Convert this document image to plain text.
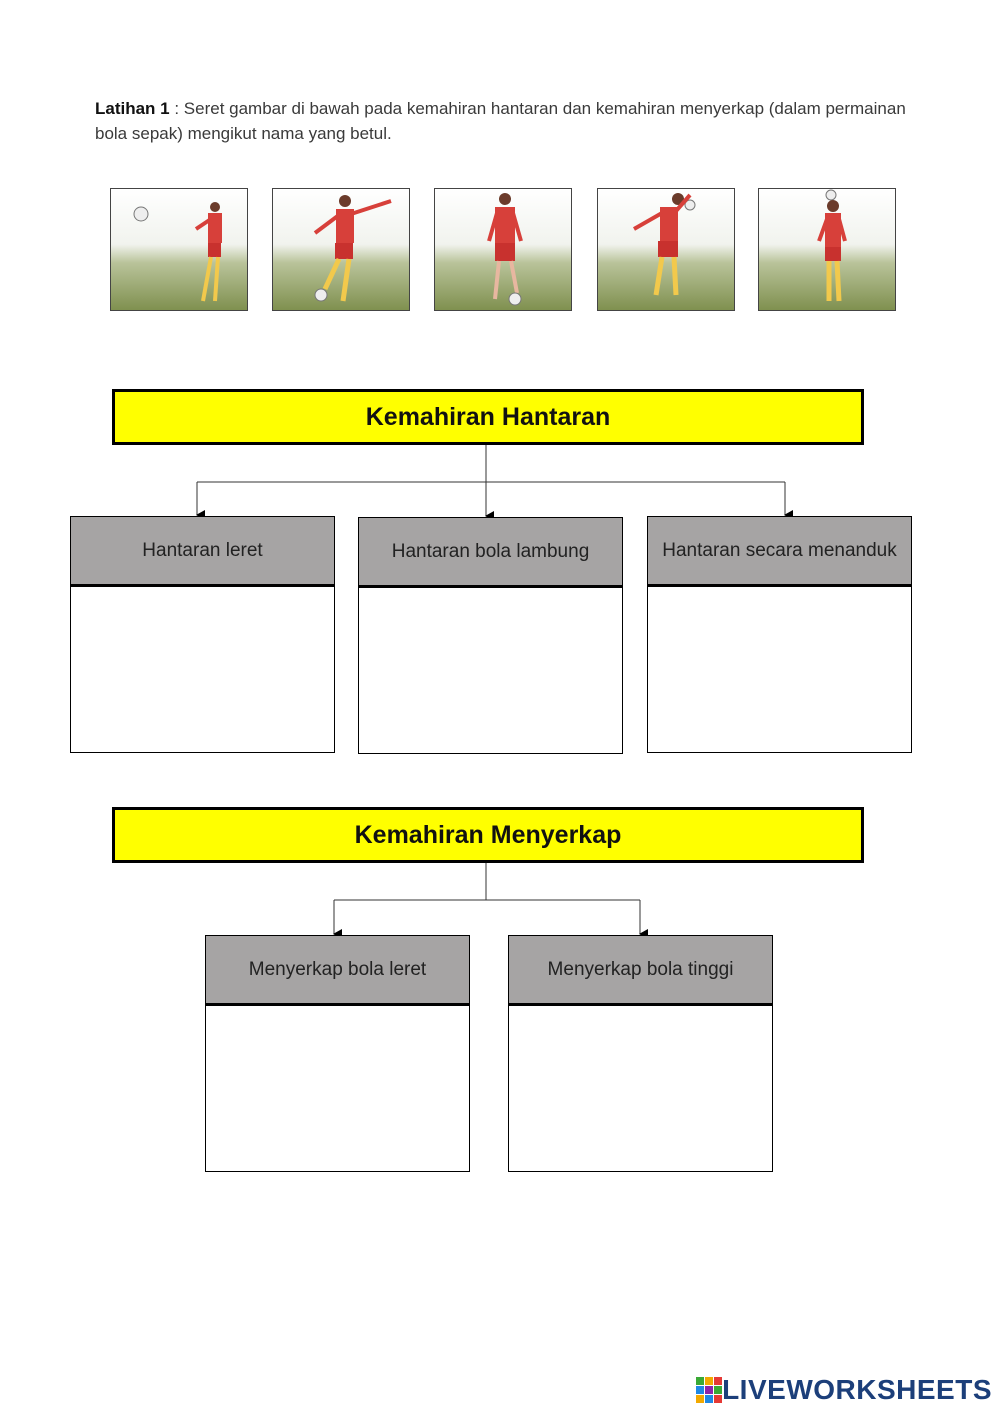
Latihan 1 : Seret gambar di bawah pada kemahiran hantaran dan kemahiran menyerkap (dalam permainan bola sepak) mengikut nama yang betul.
Kemahiran Hantaran
Hantaran leret	Hantaran bola lambung	Hantaran secara menanduk
Kemahiran Menyerkap
Menyerkap bola leret	Menyerkap bola tinggi
LIVEWORKSHEETS
